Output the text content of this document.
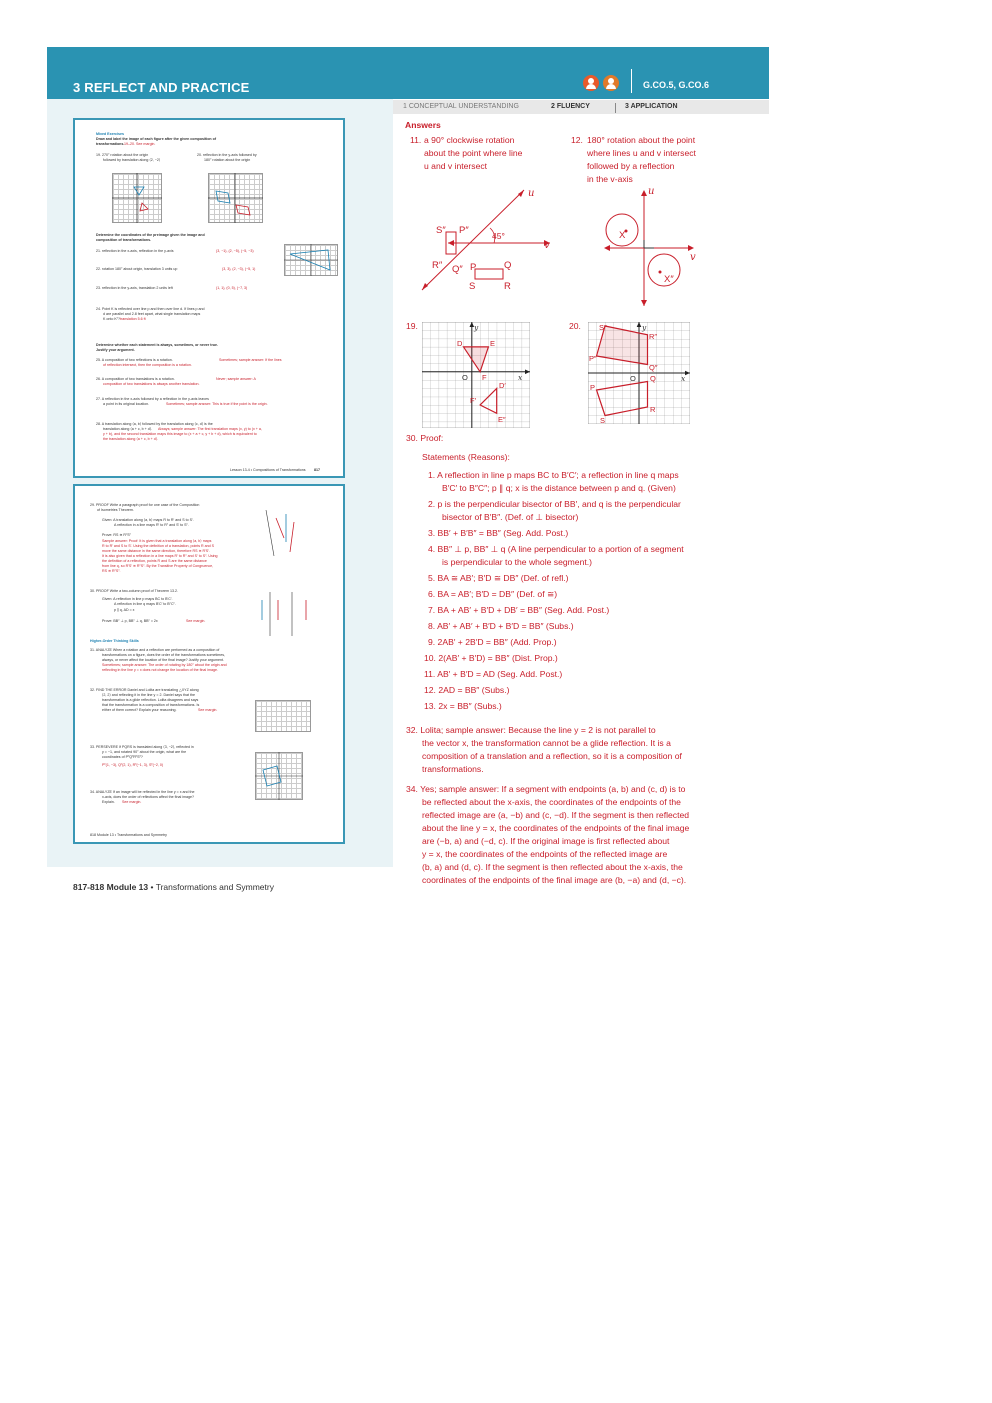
3 REFLECT AND PRACTICE	G.CO.5, G.CO.6
1 CONCEPTUAL UNDERSTANDING	2 FLUENCY	3 APPLICATION
Mixed Exercises
Draw and label the image of each figure after the given composition of
transformations. 19–20. See margin.
19. 270° rotation about the origin
followed by translation along ⟨2, −2⟩
20. reflection in the y-axis followed by
180° rotation about the origin
Determine the coordinates of the preimage given the image and
composition of transformations.
21. reflection in the x-axis, reflection in the y-axis	(3, −1), (2, −5), (−5, −3)
22. rotation 180° about origin, translation 3 units up	(3, 3), (2, −3), (−5, 1)
23. reflection in the y-axis, translation 2 units left	(1, 1), (0, 5), (−7, 3)
24. Point K is reflected over line p and then over line d. If lines p and
d are parallel and 2.8 feet apart, what single translation maps
K onto K″? translation 5.6 ft
Determine whether each statement is always, sometimes, or never true.
Justify your argument.
25. A composition of two reflections is a rotation.	Sometimes; sample answer: If the lines
of reflection intersect, then the composition is a rotation.
26. A composition of two translations is a rotation.	Never; sample answer: A
composition of two translations is always another translation.
27. A reflection in the x-axis followed by a reflection in the y-axis leaves
a point in its original location.	Sometimes; sample answer: This is true if the point is the origin.
28. A translation along ⟨a, b⟩ followed by the translation along ⟨c, d⟩ is the
translation along ⟨a + c, b + d⟩. Always; sample answer: The first translation maps (x, y) to (x + a,
y + b), and the second translation maps this image to (x + a + c, y + b + d), which is equivalent to
the translation along ⟨a + c, b + d⟩.
Lesson 13-4 • Compositions of Transformations 817
29. PROOF Write a paragraph proof for one case of the Composition
of Isometries Theorem.
Given: A translation along ⟨a, b⟩ maps R to R′ and S to S′.
A reflection in a line maps R′ to R″ and S′ to S″.
Prove: RS ≅ R″S″
Sample answer: Proof: It is given that a translation along ⟨a, b⟩ maps
R to R′ and S to S′. Using the definition of a translation, points R and S
move the same distance in the same direction, therefore RS ≅ R′S′.
It is also given that a reflection in a line maps R′ to R″ and S′ to S″. Using
the definition of a reflection, points R and S are the same distance
from line q, so R′S′ ≅ R″S″. By the Transitive Property of Congruence,
RS ≅ R″S″.
30. PROOF Write a two-column proof of Theorem 13.2.
Given: A reflection in line p maps BC to B′C′.
A reflection in line q maps B′C′ to B″C″.
p ∥ q, AD = x
Prove: BB″ ⊥ p, BB″ ⊥ q, BB″ = 2x	See margin.
Higher-Order Thinking Skills
31. ANALYZE When a rotation and a reflection are performed as a composition of
transformations on a figure, does the order of the transformations sometimes,
always, or never affect the location of the final image? Justify your argument.
Sometimes; sample answer: The order of rotating by 180° about the origin and
reflecting in the line y = x does not change the location of the final image.
32. FIND THE ERROR Daniel and Lolita are translating △XYZ along
⟨2, 2⟩ and reflecting it in the line y = 2. Daniel says that the
transformation is a glide reflection. Lolita disagrees and says
that the transformation is a composition of transformations. Is
either of them correct? Explain your reasoning.	See margin.
33. PERSEVERE If PQRS is translated along ⟨3, −2⟩, reflected in
y = −1, and rotated 90° about the origin, what are the
coordinates of P‴Q‴R‴S‴?
P‴(1, −3), Q‴(2, 1), R‴(−1, 3), S‴(−2, 0)
34. ANALYZE If an image will be reflected in the line y = x and the
x-axis, does the order of reflections affect the final image?
Explain. See margin.
818 Module 13 • Transformations and Symmetry
817-818 Module 13 • Transformations and Symmetry
Answers
11. a 90° clockwise rotation
about the point where line
u and v intersect
12. 180° rotation about the point
where lines u and v intersect
followed by a reflection
in the v-axis
S″ P″
R″ Q″ P	Q
S	R
45°
u
v
u
v
X
X″
19.	20.
y
x
O
D	E
F
D′
F′
E″
y
x
O
S″
R″
P″
Q″
P
Q
R
S
30. Proof:
Statements (Reasons):
1. A reflection in line p maps BC to B′C′; a reflection in line q maps
B′C′ to B″C″; p ∥ q; x is the distance between p and q. (Given)
2. p is the perpendicular bisector of BB′, and q is the perpendicular
bisector of B′B″. (Def. of ⊥ bisector)
3. BB′ + B′B″ = BB″ (Seg. Add. Post.)
4. BB″ ⊥ p, BB″ ⊥ q (A line perpendicular to a portion of a segment
is perpendicular to the whole segment.)
5. BA ≅ AB′; B′D ≅ DB″ (Def. of refl.)
6. BA = AB′; B′D = DB″ (Def. of ≅)
7. BA + AB′ + B′D + DB′ = BB″ (Seg. Add. Post.)
8. AB′ + AB′ + B′D + B′D = BB″ (Subs.)
9. 2AB′ + 2B′D = BB″ (Add. Prop.)
10. 2(AB′ + B′D) = BB″ (Dist. Prop.)
11. AB′ + B′D = AD (Seg. Add. Post.)
12. 2AD = BB″ (Subs.)
13. 2x = BB″ (Subs.)
32. Lolita; sample answer: Because the line y = 2 is not parallel to
the vector x, the transformation cannot be a glide reflection. It is a
composition of a translation and a reflection, so it is a composition of
transformations.
34. Yes; sample answer: If a segment with endpoints (a, b) and (c, d) is to
be reflected about the x-axis, the coordinates of the endpoints of the
reflected image are (a, −b) and (c, −d). If the segment is then reflected
about the line y = x, the coordinates of the endpoints of the final image
are (−b, a) and (−d, c). If the original image is first reflected about
y = x, the coordinates of the endpoints of the reflected image are
(b, a) and (d, c). If the segment is then reflected about the x-axis, the
coordinates of the endpoints of the final image are (b, −a) and (d, −c).
